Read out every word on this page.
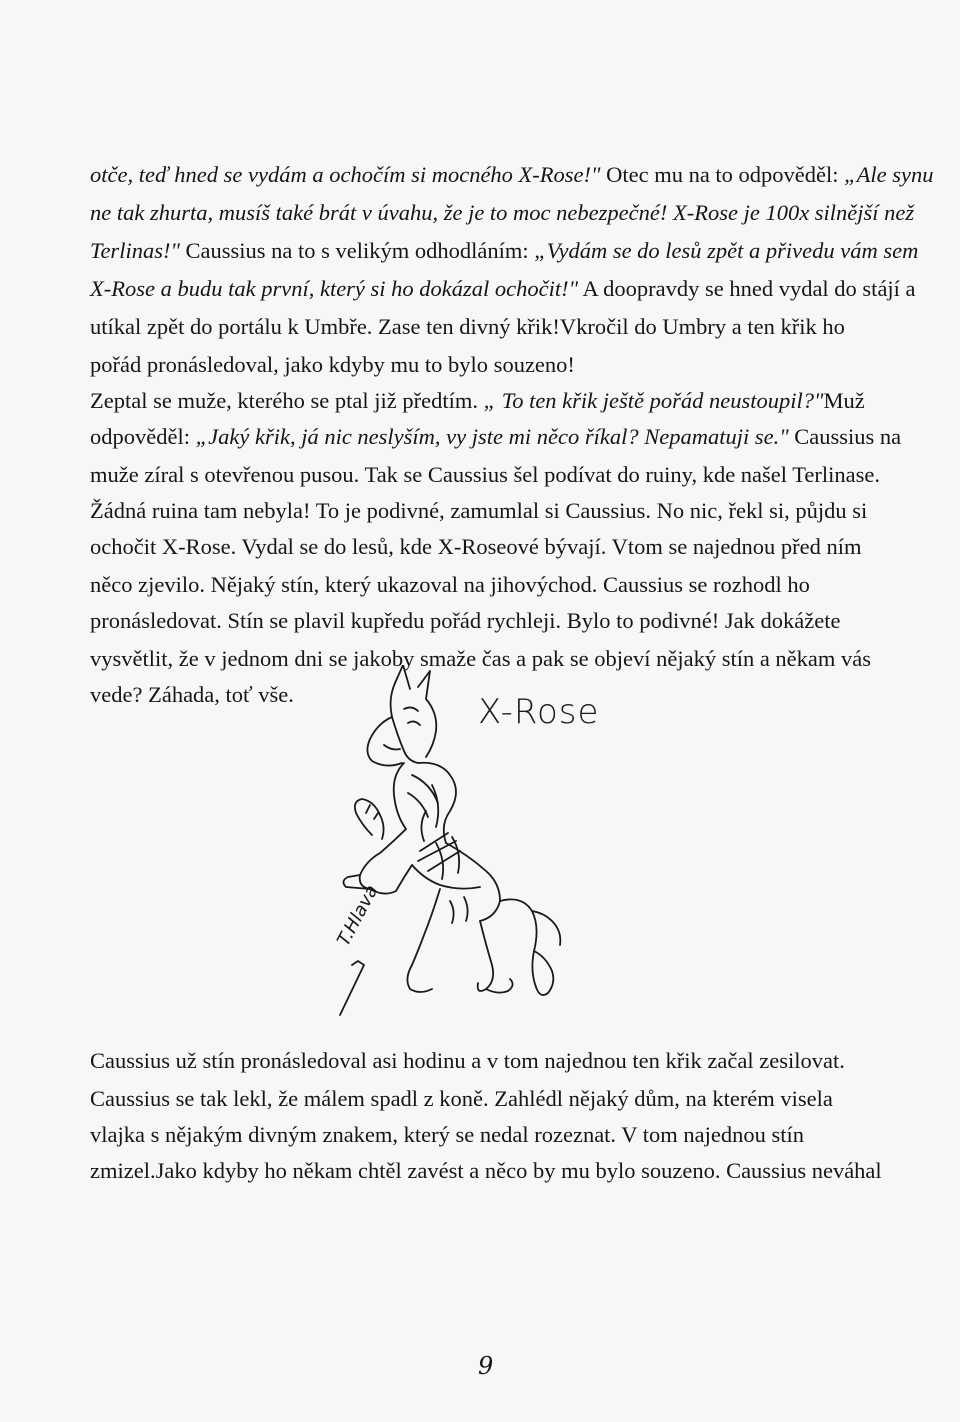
otče, teď hned se vydám a ochočím si mocného X-Rose!" Otec mu na to odpověděl: „Ale synu
ne tak zhurta, musíš také brát v úvahu, že je to moc nebezpečné! X-Rose je 100x silnější než
Terlinas!" Caussius na to s velikým odhodláním: „Vydám se do lesů zpět a přivedu vám sem
X-Rose a budu tak první, který si ho dokázal ochočit!" A doopravdy se hned vydal do stájí a
utíkal zpět do portálu k Umbře. Zase ten divný křik!Vkročil do Umbry a ten křik ho
pořád pronásledoval, jako kdyby mu to bylo souzeno!
Zeptal se muže, kterého se ptal již předtím. „ To ten křik ještě pořád neustoupil?"Muž
odpověděl: „Jaký křik, já nic neslyším, vy jste mi něco říkal? Nepamatuji se." Caussius na
muže zíral s otevřenou pusou. Tak se Caussius šel podívat do ruiny, kde našel Terlinase.
Žádná ruina tam nebyla! To je podivné, zamumlal si Caussius. No nic, řekl si, půjdu si
ochočit X-Rose. Vydal se do lesů, kde X-Roseové bývají. Vtom se najednou před ním
něco zjevilo. Nějaký stín, který ukazoval na jihovýchod. Caussius se rozhodl ho
pronásledovat. Stín se plavil kupředu pořád rychleji. Bylo to podivné! Jak dokážete
vysvětlit, že v jednom dni se jakoby smaže čas a pak se objeví nějaký stín a někam vás
vede? Záhada, toť vše.	X-Rose
T.Hlava
Caussius už stín pronásledoval asi hodinu a v tom najednou ten křik začal zesilovat.
Caussius se tak lekl, že málem spadl z koně. Zahlédl nějaký dům, na kterém visela
vlajka s nějakým divným znakem, který se nedal rozeznat. V tom najednou stín
zmizel.Jako kdyby ho někam chtěl zavést a něco by mu bylo souzeno. Caussius neváhal
9
